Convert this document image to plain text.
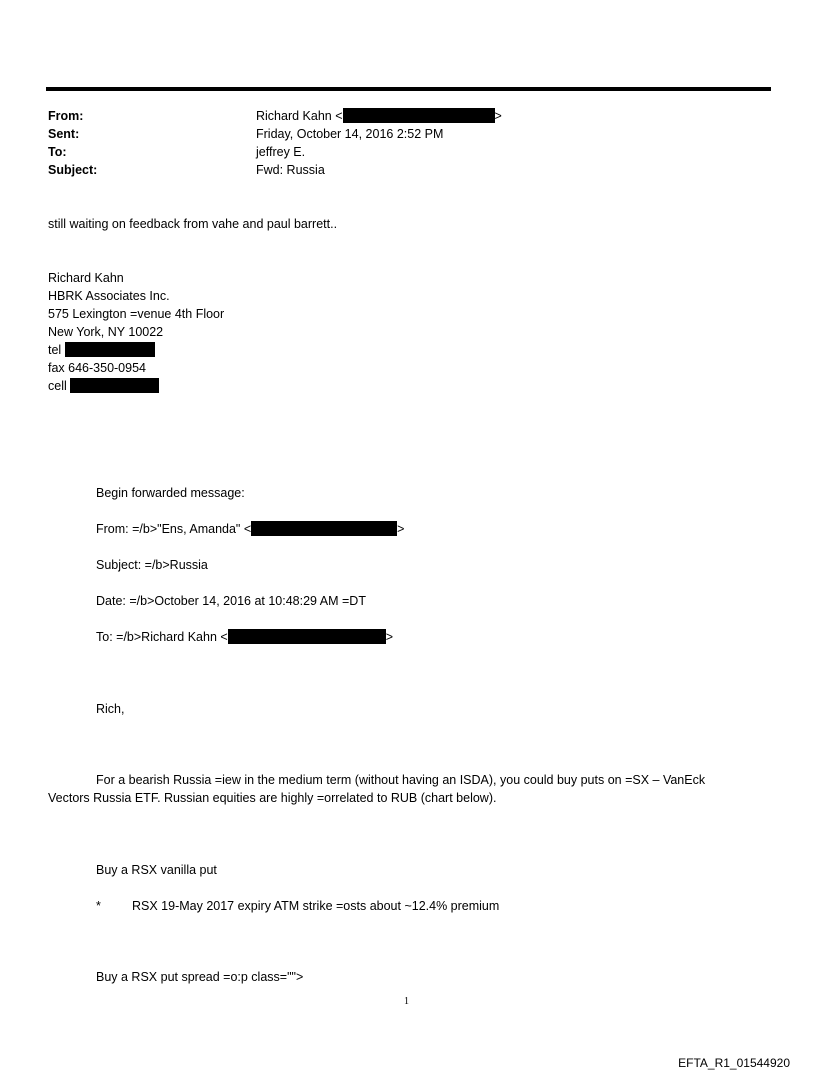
From:	Richard Kahn <	>
Sent:	Friday, October 14, 2016 2:52 PM
To:	jeffrey E.
Subject:	Fwd: Russia
still waiting on feedback from vahe and paul barrett..
Richard Kahn
HBRK Associates Inc.
575 Lexington =venue 4th Floor
New York, NY 10022
tel
fax 646-350-0954
cell
Begin forwarded message:
From: =/b>"Ens, Amanda" <	>
Subject: =/b>Russia
Date: =/b>October 14, 2016 at 10:48:29 AM =DT
To: =/b>Richard Kahn <	>
Rich,
For a bearish Russia =iew in the medium term (without having an ISDA), you could buy puts on =SX – VanEck
Vectors Russia ETF. Russian equities are highly =orrelated to RUB (chart below).
Buy a RSX vanilla put
* RSX 19-May 2017 expiry ATM strike =osts about ~12.4% premium
Buy a RSX put spread =o:p class="">
1
EFTA_R1_01544920
